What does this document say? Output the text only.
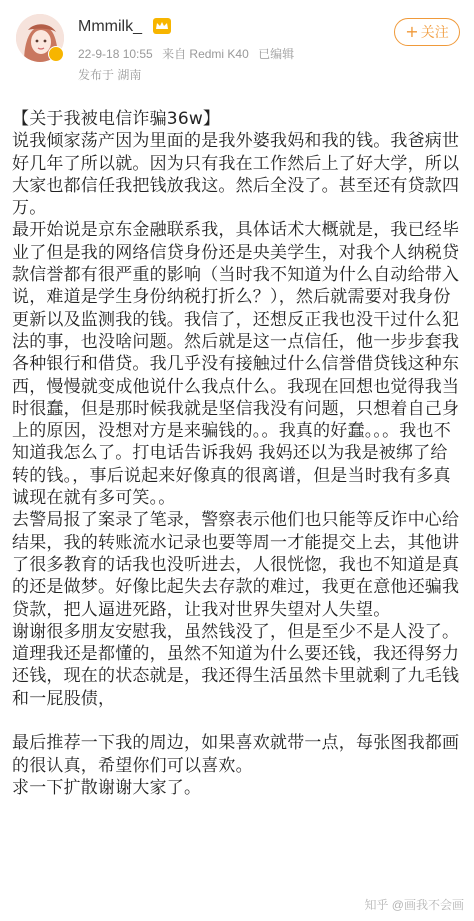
Mmmilk_
22-9-18 10:55 来自 Redmi K40 已编辑
发布于 湖南
+ 关注

【关于我被电信诈骗36w】

说我倾家荡产因为里面的是我外婆我妈和我的钱。我爸病世好几年了所以就。因为只有我在工作然后上了好大学，所以大家也都信任我把钱放我这。然后全没了。甚至还有贷款四万。

最开始说是京东金融联系我，具体话术大概就是，我已经毕业了但是我的网络信贷身份还是央美学生，对我个人纳税贷款信誉都有很严重的影响（当时我不知道为什么自动给带入说，难道是学生身份纳税打折么？），然后就需要对我身份更新以及监测我的钱。我信了，还想反正我也没干过什么犯法的事，也没啥问题。然后就是这一点信任，他一步步套我各种银行和借贷。我几乎没有接触过什么信誉借贷钱这种东西，慢慢就变成他说什么我点什么。我现在回想也觉得我当时很蠢，但是那时候我就是坚信我没有问题，只想着自己身上的原因，没想对方是来骗钱的。。我真的好蠢。。。我也不知道我怎么了。打电话告诉我妈 我妈还以为我是被绑了给转的钱。，事后说起来好像真的很离谱，但是当时我有多真诚现在就有多可笑。。

去警局报了案录了笔录，警察表示他们也只能等反诈中心给结果，我的转账流水记录也要等周一才能提交上去，其他讲了很多教育的话我也没听进去，人很恍惚，我也不知道是真的还是做梦。好像比起失去存款的难过，我更在意他还骗我贷款，把人逼进死路，让我对世界失望对人失望。

谢谢很多朋友安慰我，虽然钱没了，但是至少不是人没了。道理我还是都懂的，虽然不知道为什么要还钱，我还得努力还钱，现在的状态就是，我还得生活虽然卡里就剩了九毛钱和一屁股债，

最后推荐一下我的周边，如果喜欢就带一点，每张图我都画的很认真，希望你们可以喜欢。

求一下扩散谢谢大家了。

知乎 @画我不会画
